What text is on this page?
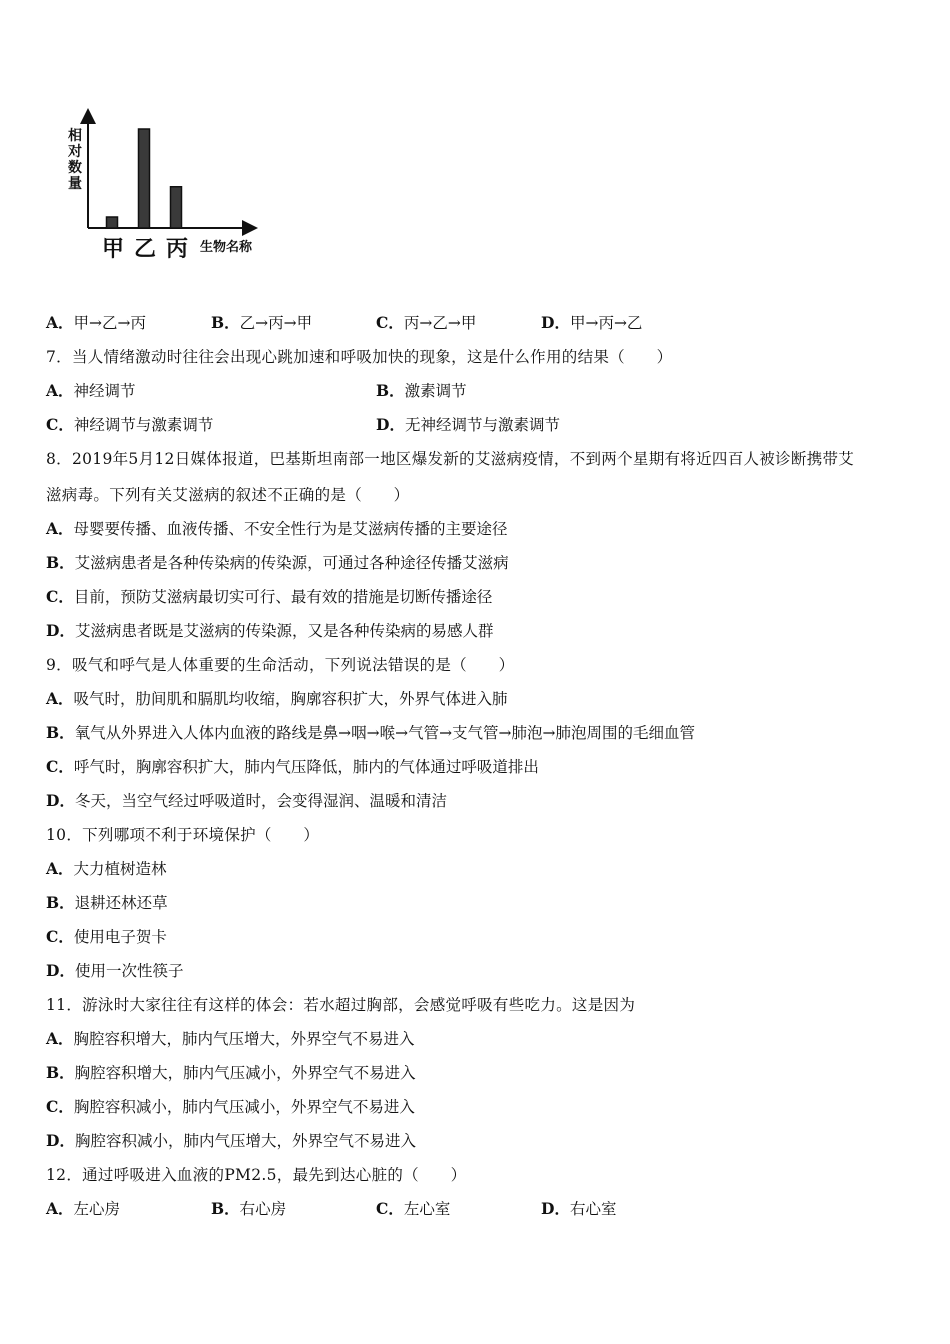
相对数量
甲 乙 丙 生物名称
A．甲→乙→丙	B．乙→丙→甲	C．丙→乙→甲	D．甲→丙→乙
7．当人情绪激动时往往会出现心跳加速和呼吸加快的现象，这是什么作用的结果（　　）
A．神经调节	B．激素调节
C．神经调节与激素调节	D．无神经调节与激素调节
8．2019年5月12日媒体报道，巴基斯坦南部一地区爆发新的艾滋病疫情，不到两个星期有将近四百人被诊断携带艾
滋病毒。下列有关艾滋病的叙述不正确的是（　　）
A．母婴要传播、血液传播、不安全性行为是艾滋病传播的主要途径
B．艾滋病患者是各种传染病的传染源，可通过各种途径传播艾滋病
C．目前，预防艾滋病最切实可行、最有效的措施是切断传播途径
D．艾滋病患者既是艾滋病的传染源，又是各种传染病的易感人群
9．吸气和呼气是人体重要的生命活动，下列说法错误的是（　　）
A．吸气时，肋间肌和膈肌均收缩，胸廓容积扩大，外界气体进入肺
B．氧气从外界进入人体内血液的路线是鼻→咽→喉→气管→支气管→肺泡→肺泡周围的毛细血管
C．呼气时，胸廓容积扩大，肺内气压降低，肺内的气体通过呼吸道排出
D．冬天，当空气经过呼吸道时，会变得湿润、温暖和清洁
10．下列哪项不利于环境保护（　　）
A．大力植树造林
B．退耕还林还草
C．使用电子贺卡
D．使用一次性筷子
11．游泳时大家往往有这样的体会：若水超过胸部，会感觉呼吸有些吃力。这是因为
A．胸腔容积增大，肺内气压增大，外界空气不易进入
B．胸腔容积增大，肺内气压减小，外界空气不易进入
C．胸腔容积减小，肺内气压减小，外界空气不易进入
D．胸腔容积减小，肺内气压增大，外界空气不易进入
12．通过呼吸进入血液的PM2.5，最先到达心脏的（　　）
A．左心房	B．右心房	C．左心室	D．右心室
